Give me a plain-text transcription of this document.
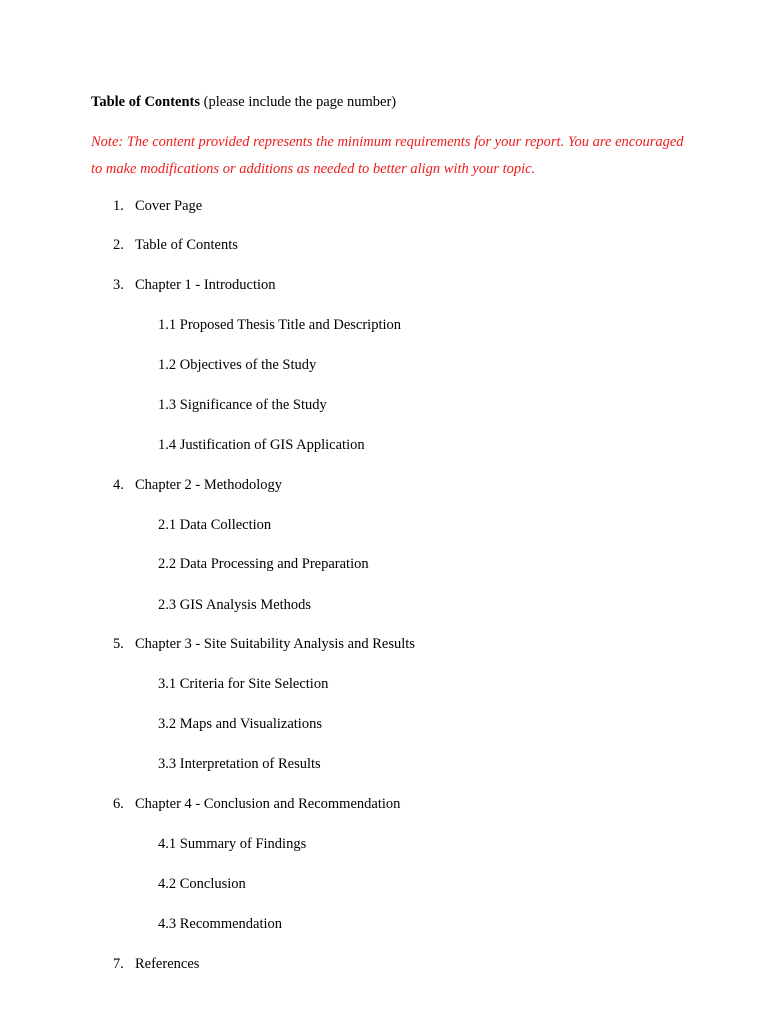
Table of Contents (please include the page number)
Note: The content provided represents the minimum requirements for your report. You are encouraged to make modifications or additions as needed to better align with your topic.
1. Cover Page
2. Table of Contents
3. Chapter 1 - Introduction
1.1 Proposed Thesis Title and Description
1.2 Objectives of the Study
1.3 Significance of the Study
1.4 Justification of GIS Application
4. Chapter 2 - Methodology
2.1 Data Collection
2.2 Data Processing and Preparation
2.3 GIS Analysis Methods
5. Chapter 3 - Site Suitability Analysis and Results
3.1 Criteria for Site Selection
3.2 Maps and Visualizations
3.3 Interpretation of Results
6. Chapter 4 - Conclusion and Recommendation
4.1 Summary of Findings
4.2 Conclusion
4.3 Recommendation
7. References
